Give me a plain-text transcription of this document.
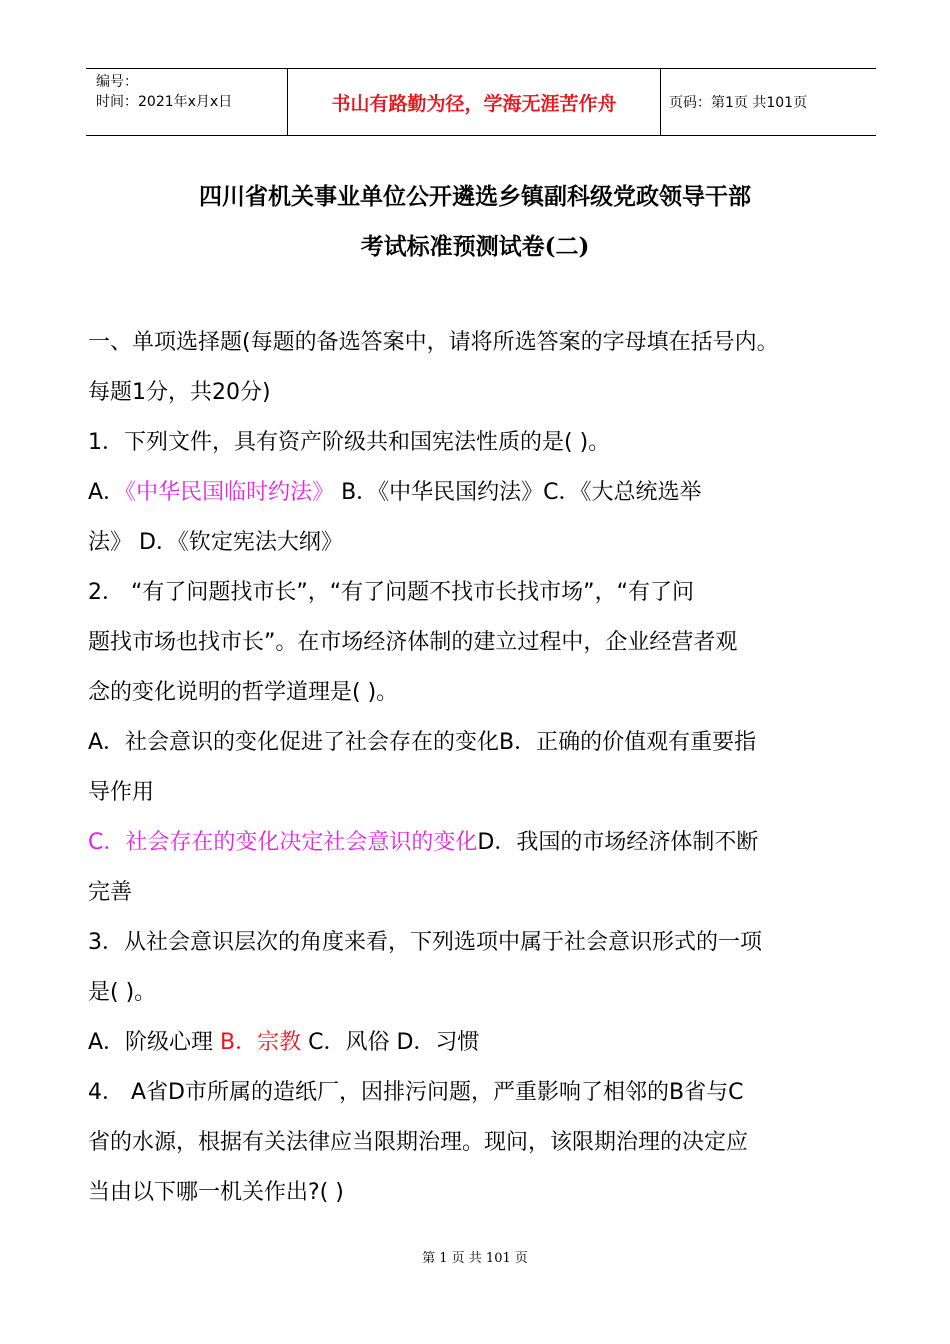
编号：
时间：2021年x月x日	书山有路勤为径，学海无涯苦作舟	页码：第1页 共101页
四川省机关事业单位公开遴选乡镇副科级党政领导干部
考试标准预测试卷(二)

一、单项选择题(每题的备选答案中，请将所选答案的字母填在括号内。

每题1分，共20分)

1．下列文件，具有资产阶级共和国宪法性质的是( )。

A．《中华民国临时约法》 B．《中华民国约法》C．《大总统选举

法》 D．《钦定宪法大纲》

2． “有了问题找市长”，“有了问题不找市长找市场”，“有了问

题找市场也找市长”。在市场经济体制的建立过程中，企业经营者观

念的变化说明的哲学道理是( )。

A．社会意识的变化促进了社会存在的变化B．正确的价值观有重要指

导作用

C．社会存在的变化决定社会意识的变化D．我国的市场经济体制不断

完善

3．从社会意识层次的角度来看，下列选项中属于社会意识形式的一项

是( )。

A．阶级心理 B．宗教 C．风俗 D．习惯

4． A省D市所属的造纸厂，因排污问题，严重影响了相邻的B省与C

省的水源，根据有关法律应当限期治理。现问，该限期治理的决定应

当由以下哪一机关作出?( )

第 1 页 共 101 页
